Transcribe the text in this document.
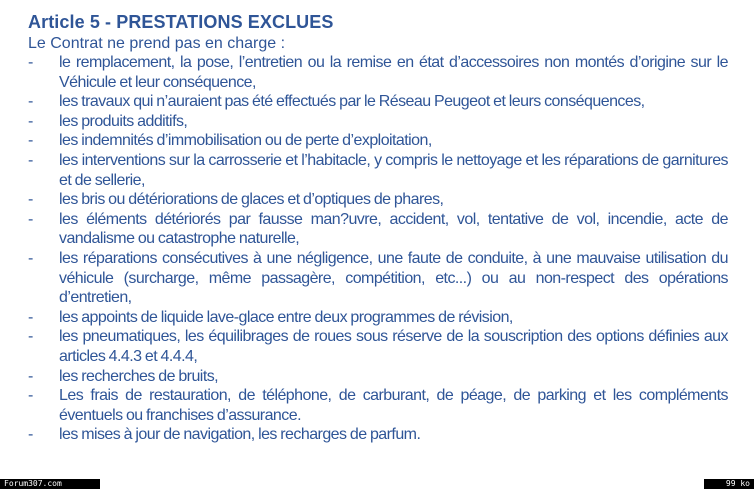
Article 5 - PRESTATIONS EXCLUES

Le Contrat ne prend pas en charge :

-	le remplacement, la pose, l’entretien ou la remise en état d’accessoires non montés d’origine sur le Véhicule et leur conséquence,
-	les travaux qui n’auraient pas été effectués par le Réseau Peugeot et leurs conséquences,
-	les produits additifs,
-	les indemnités d’immobilisation ou de perte d’exploitation,
-	les interventions sur la carrosserie et l’habitacle, y compris le nettoyage et les réparations de garnitures et de sellerie,
-	les bris ou détériorations de glaces et d’optiques de phares,
-	les éléments détériorés par fausse man?uvre, accident, vol, tentative de vol, incendie, acte de vandalisme ou catastrophe naturelle,
-	les réparations consécutives à une négligence, une faute de conduite, à une mauvaise utilisation du véhicule (surcharge, même passagère, compétition, etc...) ou au non-respect des opérations d’entretien,
-	les appoints de liquide lave-glace entre deux programmes de révision,
-	les pneumatiques, les équilibrages de roues sous réserve de la souscription des options définies aux articles 4.4.3 et 4.4.4,
-	les recherches de bruits,
-	Les frais de restauration, de téléphone, de carburant, de péage, de parking et les compléments éventuels ou franchises d’assurance.
-	les mises à jour de navigation, les recharges de parfum.
Forum307.com	99 ko
